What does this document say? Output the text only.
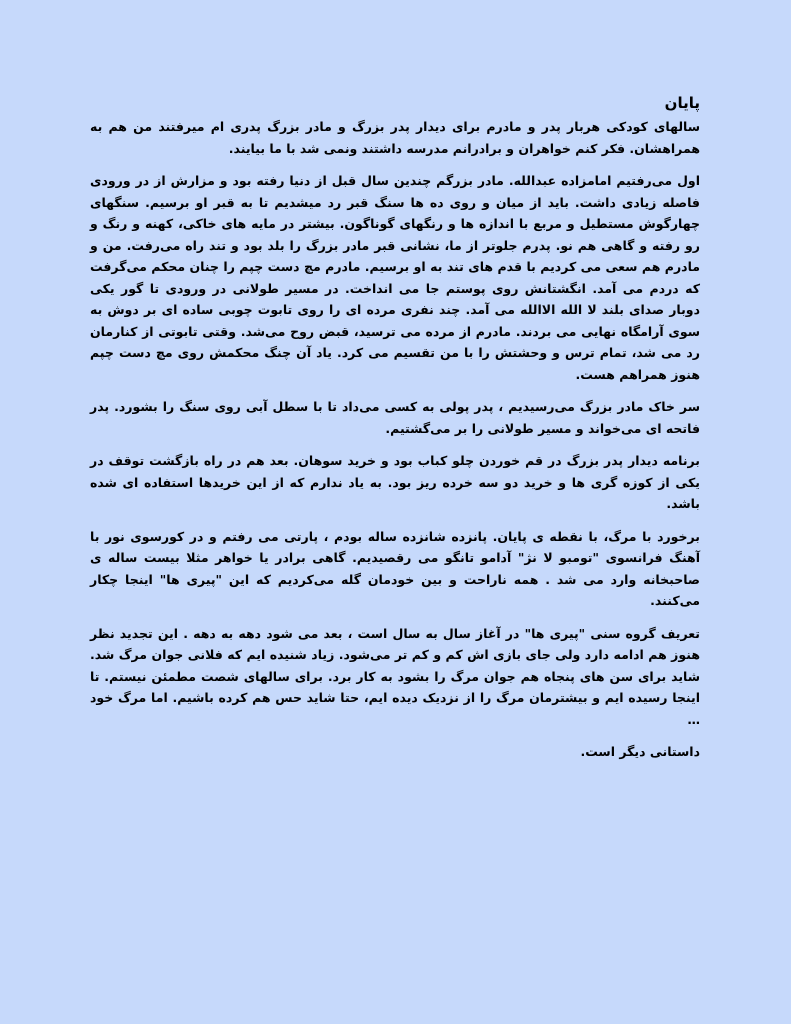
پایان

سالهای کودکی هربار پدر و مادرم برای دیدار پدر بزرگ و مادر بزرگ پدری ام میرفتند من هم به همراهشان. فکر کنم خواهران و برادرانم مدرسه داشتند ونمی شد با ما بیایند.

اول می‌رفتیم امامزاده عبدالله. مادر بزرگم چندین سال قبل از دنیا رفته بود و مزارش از در ورودی فاصله زیادی داشت. باید از میان و روی ده ها سنگ قبر رد میشدیم تا به قبر او برسیم. سنگهای چهارگوش مستطیل و مربع با اندازه ها و رنگهای گوناگون. بیشتر در مایه های خاکی، کهنه و رنگ و رو رفته و گاهی هم نو. پدرم جلوتر از ما، نشانی قبر مادر بزرگ را بلد بود و تند راه می‌رفت. من و مادرم هم سعی می کردیم با قدم های تند به او برسیم. مادرم مچ دست چپم را چنان محکم می‌گرفت که دردم می آمد. انگشتانش روی پوستم جا می انداخت. در مسیر طولانی در ورودی تا گور یکی دوبار صدای بلند لا الله الاالله می آمد. چند نفری مرده ای را روی تابوت چوبی ساده ای بر دوش به سوی آرامگاه نهایی می بردند. مادرم از مرده می ترسید، قبض روح می‌شد. وقتی تابوتی از کنارمان رد می شد، تمام ترس و وحشتش را با من تقسیم می کرد. یاد آن چنگ محکمش روی مچ دست چپم هنوز همراهم هست.

سر خاک مادر بزرگ می‌رسیدیم ، پدر پولی به کسی می‌داد تا با سطل آبی روی سنگ را بشورد. پدر فاتحه ای می‌خواند و مسیر طولانی را بر می‌گشتیم.

برنامه دیدار پدر بزرگ در قم خوردن چلو کباب بود و خرید سوهان. بعد هم در راه بازگشت توقف در یکی از کوزه گری ها و خرید دو سه خرده ریز بود. به یاد ندارم که از این خریدها استفاده ای شده باشد.

برخورد با مرگ، با نقطه ی پایان. پانزده شانزده ساله بودم ، پارتی می رفتم و در کورسوی نور با آهنگ فرانسوی "تومبو لا نژ" آدامو تانگو می رقصیدیم. گاهی برادر یا خواهر مثلا بیست ساله ی صاحبخانه وارد می شد . همه ناراحت و بین خودمان گله می‌کردیم که این "پیری ها" اینجا چکار می‌کنند.

تعریف گروه سنی "پیری ها" در آغاز سال به سال است ، بعد می شود دهه به دهه . این تجدید نظر هنوز هم ادامه دارد ولی جای بازی اش کم و کم تر می‌شود. زیاد شنیده ایم که فلانی جوان مرگ شد. شاید برای سن های پنجاه هم جوان مرگ را بشود به کار برد. برای سالهای شصت مطمئن نیستم. تا اینجا رسیده ایم و بیشترمان مرگ را از نزدیک دیده ایم، حتا شاید حس هم کرده باشیم. اما مرگ خود …

داستانی دیگر است.
